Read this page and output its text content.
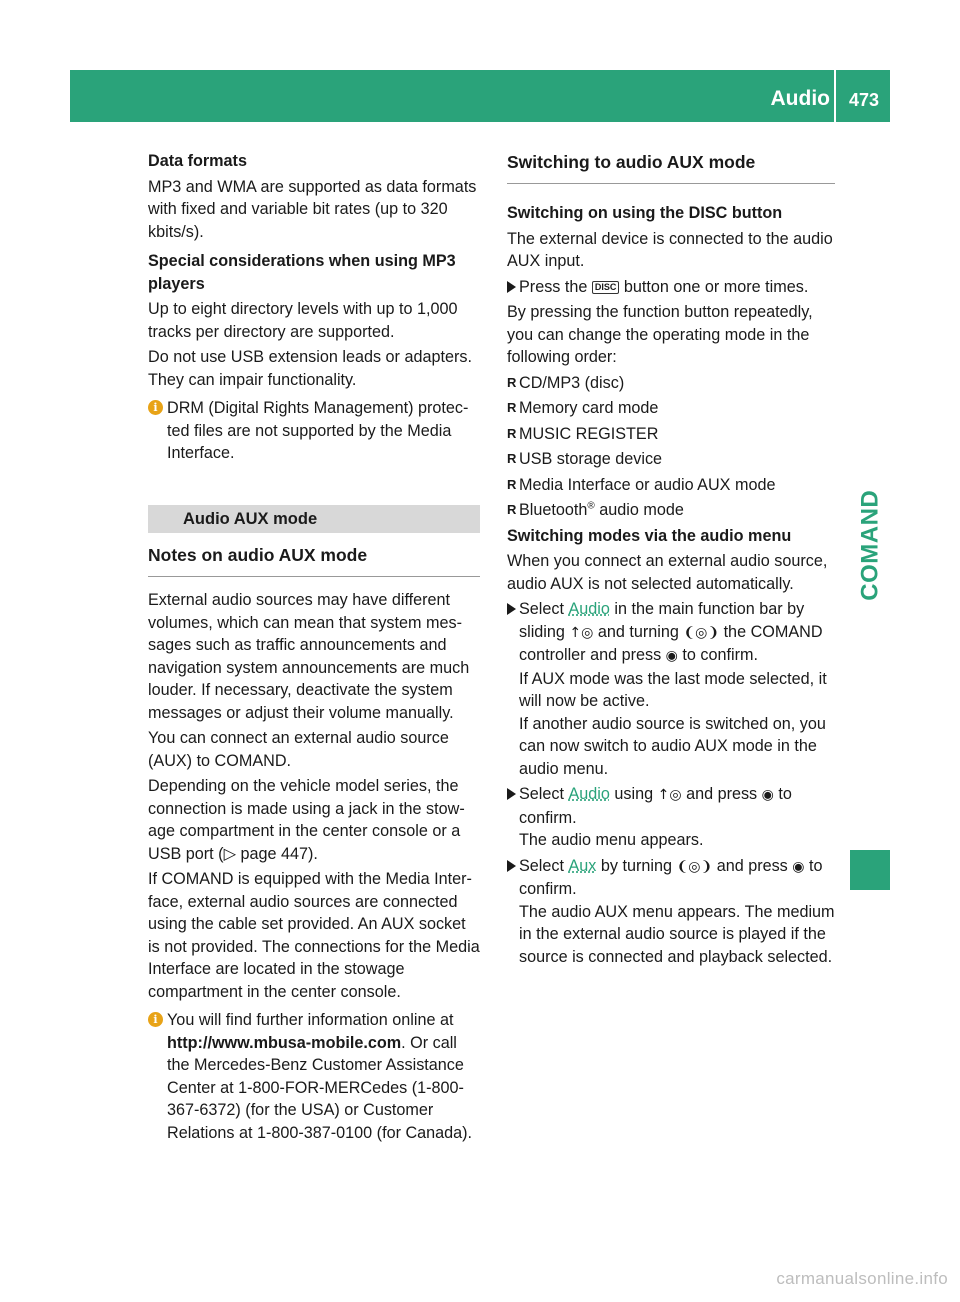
Audio	473
COMAND

Data formats

MP3 and WMA are supported as data formats with fixed and variable bit rates (up to 320 kbits/s).

Special considerations when using MP3 players

Up to eight directory levels with up to 1,000 tracks per directory are supported.

Do not use USB extension leads or adapters. They can impair functionality.

i DRM (Digital Rights Management) protected files are not supported by the Media Interface.
Audio AUX mode
Notes on audio AUX mode

External audio sources may have different volumes, which can mean that system messages such as traffic announcements and navigation system announcements are much louder. If necessary, deactivate the system messages or adjust their volume manually.

You can connect an external audio source (AUX) to COMAND.

Depending on the vehicle model series, the connection is made using a jack in the stowage compartment in the center console or a USB port (▷ page 447).

If COMAND is equipped with the Media Interface, external audio sources are connected using the cable set provided. An AUX socket is not provided. The connections for the Media Interface are located in the stowage compartment in the center console.

i You will find further information online at http://www.mbusa-mobile.com. Or call the Mercedes-Benz Customer Assistance Center at 1-800-FOR-MERCedes (1-800-367-6372) (for the USA) or Customer Relations at 1-800-387-0100 (for Canada).
Switching to audio AUX mode

Switching on using the DISC button

The external device is connected to the audio AUX input.

Press the DISC button one or more times.

By pressing the function button repeatedly, you can change the operating mode in the following order:

R CD/MP3 (disc)
R Memory card mode
R MUSIC REGISTER
R USB storage device
R Media Interface or audio AUX mode
R Bluetooth® audio mode

Switching modes via the audio menu

When you connect an external audio source, audio AUX is not selected automatically.

Select Audio in the main function bar by sliding ↑◎ and turning ❨◎❩ the COMAND controller and press ◉ to confirm.
If AUX mode was the last mode selected, it will now be active.
If another audio source is switched on, you can now switch to audio AUX mode in the audio menu.
Select Audio using ↑◎ and press ◉ to confirm.
The audio menu appears.
Select Aux by turning ❨◎❩ and press ◉ to confirm.
The audio AUX menu appears. The medium in the external audio source is played if the source is connected and playback selected.
carmanualsonline.info
